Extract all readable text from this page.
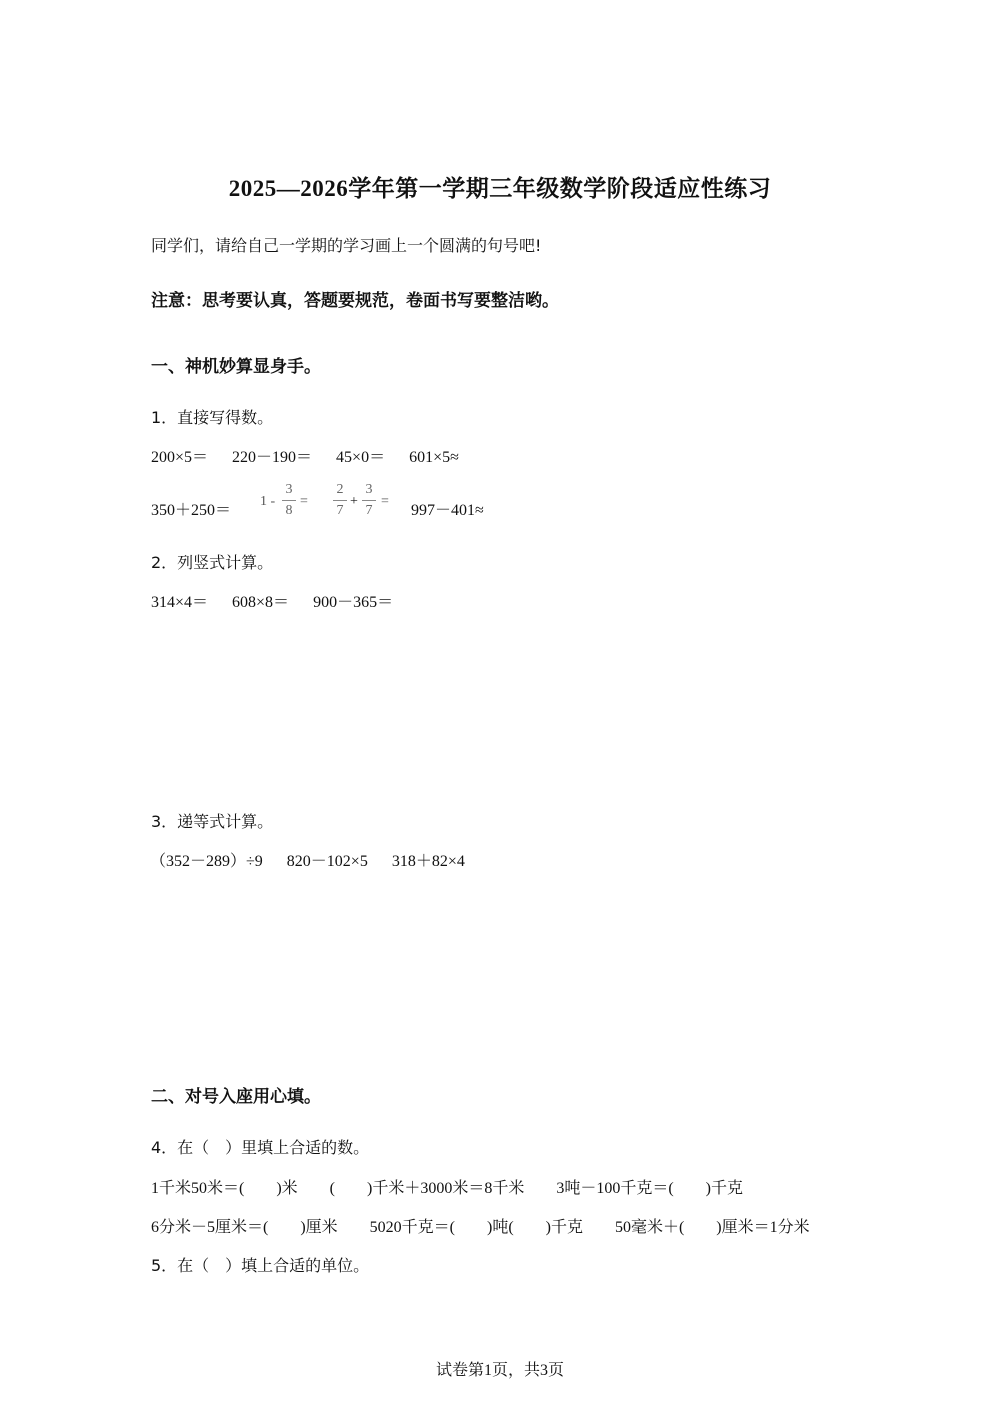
2025—2026学年第一学期三年级数学阶段适应性练习
同学们，请给自己一学期的学习画上一个圆满的句号吧!
注意：思考要认真，答题要规范，卷面书写要整洁哟。
一、神机妙算显身手。
1．直接写得数。
200×5＝ 220－190＝ 45×0＝ 601×5≈
350＋250＝
1 -
3
8
=
2
7
+
3
7
=
997－401≈
2．列竖式计算。
314×4＝ 608×8＝ 900－365＝
3．递等式计算。
（352－289）÷9 820－102×5 318＋82×4
二、对号入座用心填。
4．在（　）里填上合适的数。
1千米50米＝(　　)米　　(　　)千米＋3000米＝8千米　　3吨－100千克＝(　　)千克
6分米－5厘米＝(　　)厘米　　5020千克＝(　　)吨(　　)千克　　50毫米＋(　　)厘米＝1分米
5．在（　）填上合适的单位。
试卷第1页，共3页
